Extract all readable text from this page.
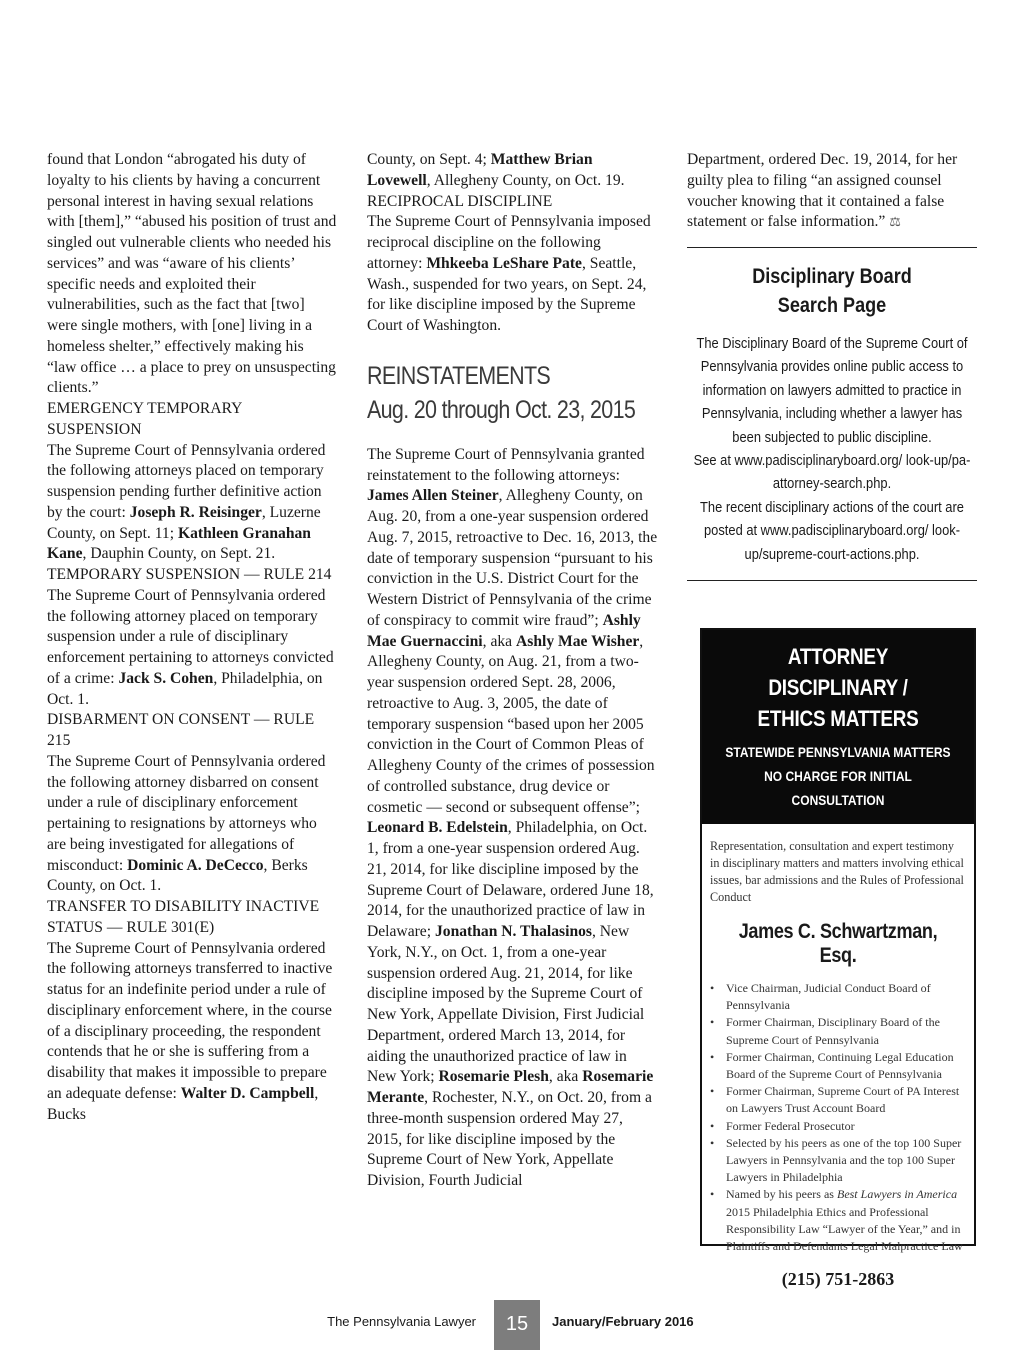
found that London “abrogated his duty of loyalty to his clients by having a concurrent personal interest in having sexual relations with [them],” “abused his position of trust and singled out vulnerable clients who needed his services” and was “aware of his clients’ specific needs and exploited their vulnerabilities, such as the fact that [two] were single mothers, with [one] living in a homeless shelter,” effectively making his “law office … a place to prey on unsuspecting clients.”

EMERGENCY TEMPORARY SUSPENSION

The Supreme Court of Pennsylvania ordered the following attorneys placed on temporary suspension pending further definitive action by the court: Joseph R. Reisinger, Luzerne County, on Sept. 11; Kathleen Granahan Kane, Dauphin County, on Sept. 21.

TEMPORARY SUSPENSION — RULE 214

The Supreme Court of Pennsylvania ordered the following attorney placed on temporary suspension under a rule of disciplinary enforcement pertaining to attorneys convicted of a crime: Jack S. Cohen, Philadelphia, on Oct. 1.

DISBARMENT ON CONSENT — RULE 215

The Supreme Court of Pennsylvania ordered the following attorney disbarred on consent under a rule of disciplinary enforcement pertaining to resignations by attorneys who are being investigated for allegations of misconduct: Dominic A. DeCecco, Berks County, on Oct. 1.

TRANSFER TO DISABILITY INACTIVE STATUS — RULE 301(E)

The Supreme Court of Pennsylvania ordered the following attorneys transferred to inactive status for an indefinite period under a rule of disciplinary enforcement where, in the course of a disciplinary proceeding, the respondent contends that he or she is suffering from a disability that makes it impossible to prepare an adequate defense: Walter D. Campbell, Bucks

County, on Sept. 4; Matthew Brian Lovewell, Allegheny County, on Oct. 19.

RECIPROCAL DISCIPLINE

The Supreme Court of Pennsylvania imposed reciprocal discipline on the following attorney: Mhkeeba LeShare Pate, Seattle, Wash., suspended for two years, on Sept. 24, for like discipline imposed by the Supreme Court of Washington.

REINSTATEMENTS
Aug. 20 through Oct. 23, 2015

The Supreme Court of Pennsylvania granted reinstatement to the following attorneys: James Allen Steiner, Allegheny County, on Aug. 20, from a one-year suspension ordered Aug. 7, 2015, retroactive to Dec. 16, 2013, the date of temporary suspension “pursuant to his conviction in the U.S. District Court for the Western District of Pennsylvania of the crime of conspiracy to commit wire fraud”; Ashly Mae Guernaccini, aka Ashly Mae Wisher, Allegheny County, on Aug. 21, from a two-year suspension ordered Sept. 28, 2006, retroactive to Aug. 3, 2005, the date of temporary suspension “based upon her 2005 conviction in the Court of Common Pleas of Allegheny County of the crimes of possession of controlled substance, drug device or cosmetic — second or subsequent offense”; Leonard B. Edelstein, Philadelphia, on Oct. 1, from a one-year suspension ordered Aug. 21, 2014, for like discipline imposed by the Supreme Court of Delaware, ordered June 18, 2014, for the unauthorized practice of law in Delaware; Jonathan N. Thalasinos, New York, N.Y., on Oct. 1, from a one-year suspension ordered Aug. 21, 2014, for like discipline imposed by the Supreme Court of New York, Appellate Division, First Judicial Department, ordered March 13, 2014, for aiding the unauthorized practice of law in New York; Rosemarie Plesh, aka Rosemarie Merante, Rochester, N.Y., on Oct. 20, from a three-month suspension ordered May 27, 2015, for like discipline imposed by the Supreme Court of New York, Appellate Division, Fourth Judicial

Department, ordered Dec. 19, 2014, for her guilty plea to filing “an assigned counsel voucher knowing that it contained a false statement or false information.” ⚖

Disciplinary Board
Search Page
The Disciplinary Board of the Supreme Court of Pennsylvania provides online public access to information on lawyers admitted to practice in Pennsylvania, including whether a lawyer has been subjected to public discipline.
See at www.padisciplinaryboard.org/ look-up/pa-attorney-search.php.
The recent disciplinary actions of the court are posted at www.padisciplinaryboard.org/ look-up/supreme-court-actions.php.
ATTORNEY DISCIPLINARY /
ETHICS MATTERS
STATEWIDE PENNSYLVANIA MATTERS
NO CHARGE FOR INITIAL CONSULTATION
Representation, consultation and expert testimony in disciplinary matters and matters involving ethical issues, bar admissions and the Rules of Professional Conduct
James C. Schwartzman, Esq.
• Vice Chairman, Judicial Conduct Board of Pennsylvania
• Former Chairman, Disciplinary Board of the Supreme Court of Pennsylvania
• Former Chairman, Continuing Legal Education Board of the Supreme Court of Pennsylvania
• Former Chairman, Supreme Court of PA Interest on Lawyers Trust Account Board
• Former Federal Prosecutor
• Selected by his peers as one of the top 100 Super Lawyers in Pennsylvania and the top 100 Super Lawyers in Philadelphia
• Named by his peers as Best Lawyers in America 2015 Philadelphia Ethics and Professional Responsibility Law “Lawyer of the Year,” and in Plaintiffs and Defendants Legal Malpractice Law
(215) 751-2863
The Pennsylvania Lawyer	15	January/February 2016
